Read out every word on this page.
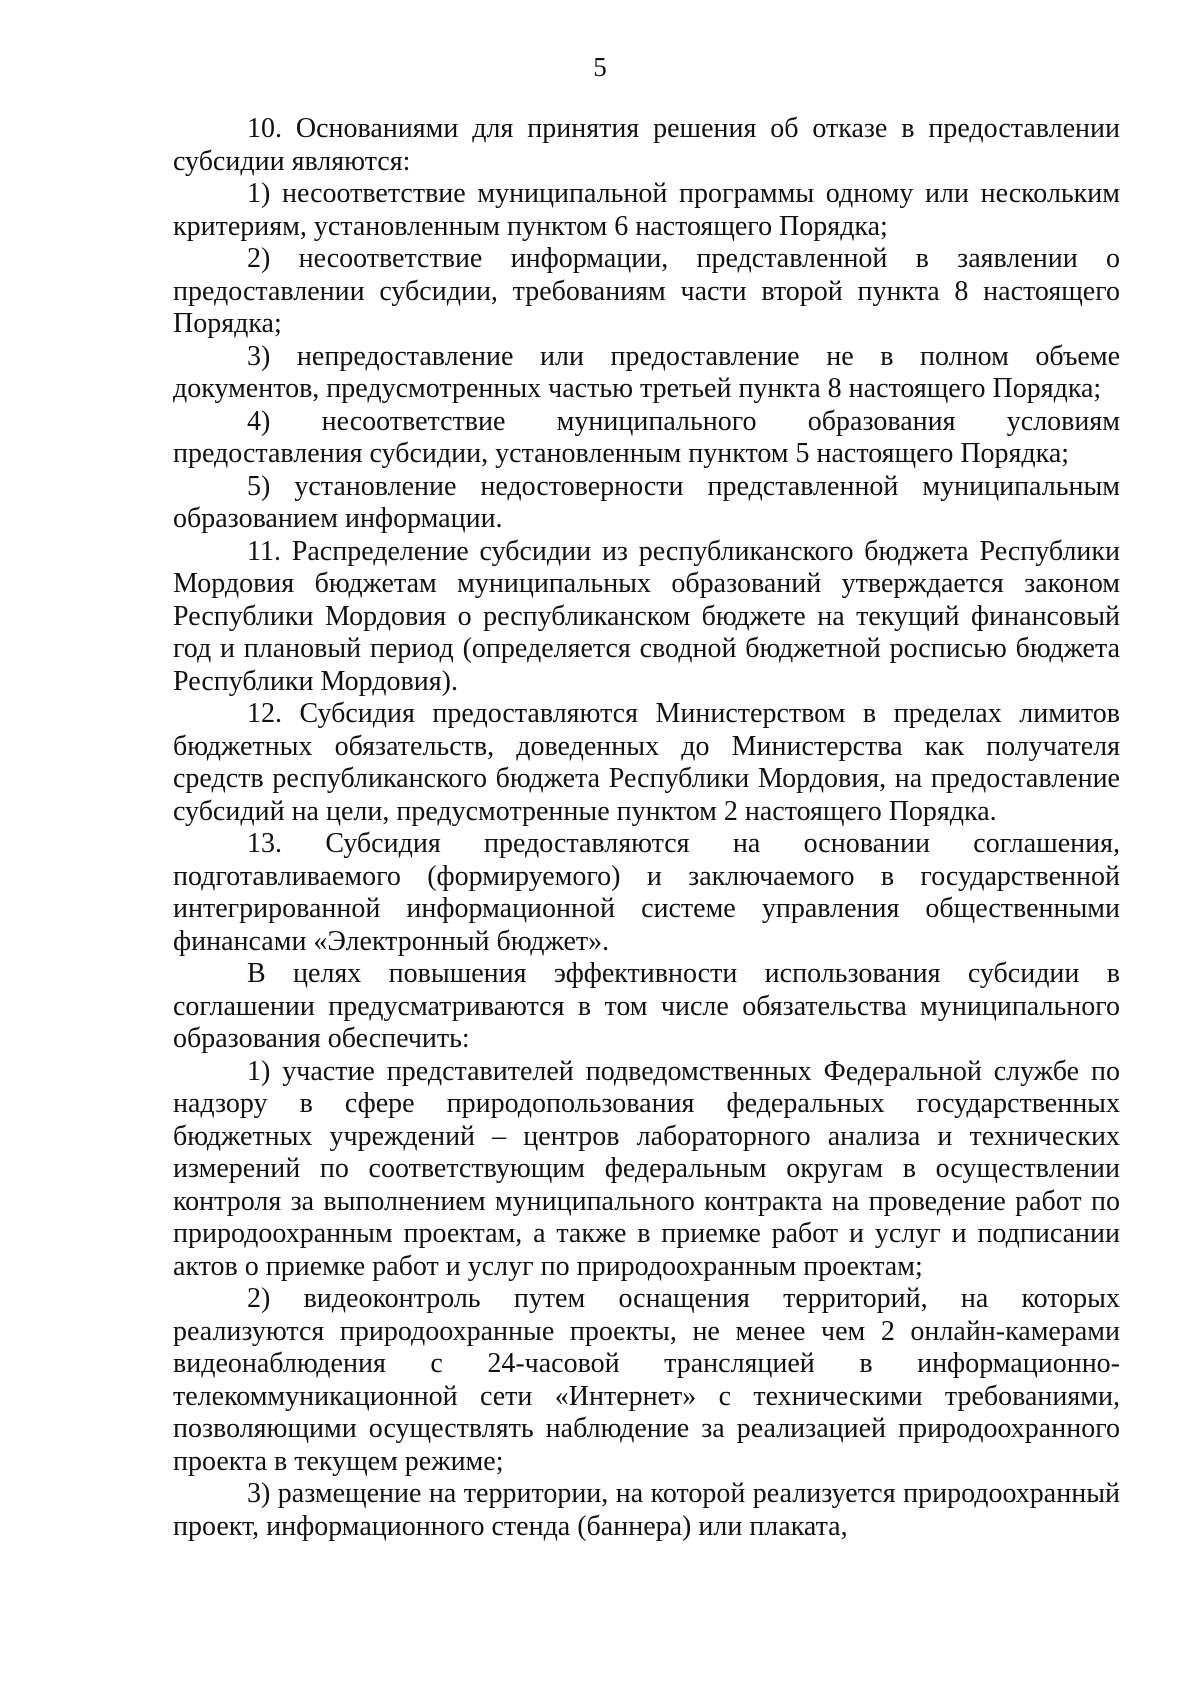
5

10. Основаниями для принятия решения об отказе в предоставлении субсидии являются:

1) несоответствие муниципальной программы одному или нескольким критериям, установленным пунктом 6 настоящего Порядка;

2) несоответствие информации, представленной в заявлении о предоставлении субсидии, требованиям части второй пункта 8 настоящего Порядка;

3) непредоставление или предоставление не в полном объеме документов, предусмотренных частью третьей пункта 8 настоящего Порядка;

4) несоответствие муниципального образования условиям предоставления субсидии, установленным пунктом 5 настоящего Порядка;

5) установление недостоверности представленной муниципальным образованием информации.

11. Распределение субсидии из республиканского бюджета Республики Мордовия бюджетам муниципальных образований утверждается законом Республики Мордовия о республиканском бюджете на текущий финансовый год и плановый период (определяется сводной бюджетной росписью бюджета Республики Мордовия).

12. Субсидия предоставляются Министерством в пределах лимитов бюджетных обязательств, доведенных до Министерства как получателя средств республиканского бюджета Республики Мордовия, на предоставление субсидий на цели, предусмотренные пунктом 2 настоящего Порядка.

13. Субсидия предоставляются на основании соглашения, подготавливаемого (формируемого) и заключаемого в государственной интегрированной информационной системе управления общественными финансами «Электронный бюджет».

В целях повышения эффективности использования субсидии в соглашении предусматриваются в том числе обязательства муниципального образования обеспечить:

1) участие представителей подведомственных Федеральной службе по надзору в сфере природопользования федеральных государственных бюджетных учреждений – центров лабораторного анализа и технических измерений по соответствующим федеральным округам в осуществлении контроля за выполнением муниципального контракта на проведение работ по природоохранным проектам, а также в приемке работ и услуг и подписании актов о приемке работ и услуг по природоохранным проектам;

2) видеоконтроль путем оснащения территорий, на которых реализуются природоохранные проекты, не менее чем 2 онлайн-камерами видеонаблюдения с 24-часовой трансляцией в информационно-телекоммуникационной сети «Интернет» с техническими требованиями, позволяющими осуществлять наблюдение за реализацией природоохранного проекта в текущем режиме;

3) размещение на территории, на которой реализуется природоохранный проект, информационного стенда (баннера) или плаката,
